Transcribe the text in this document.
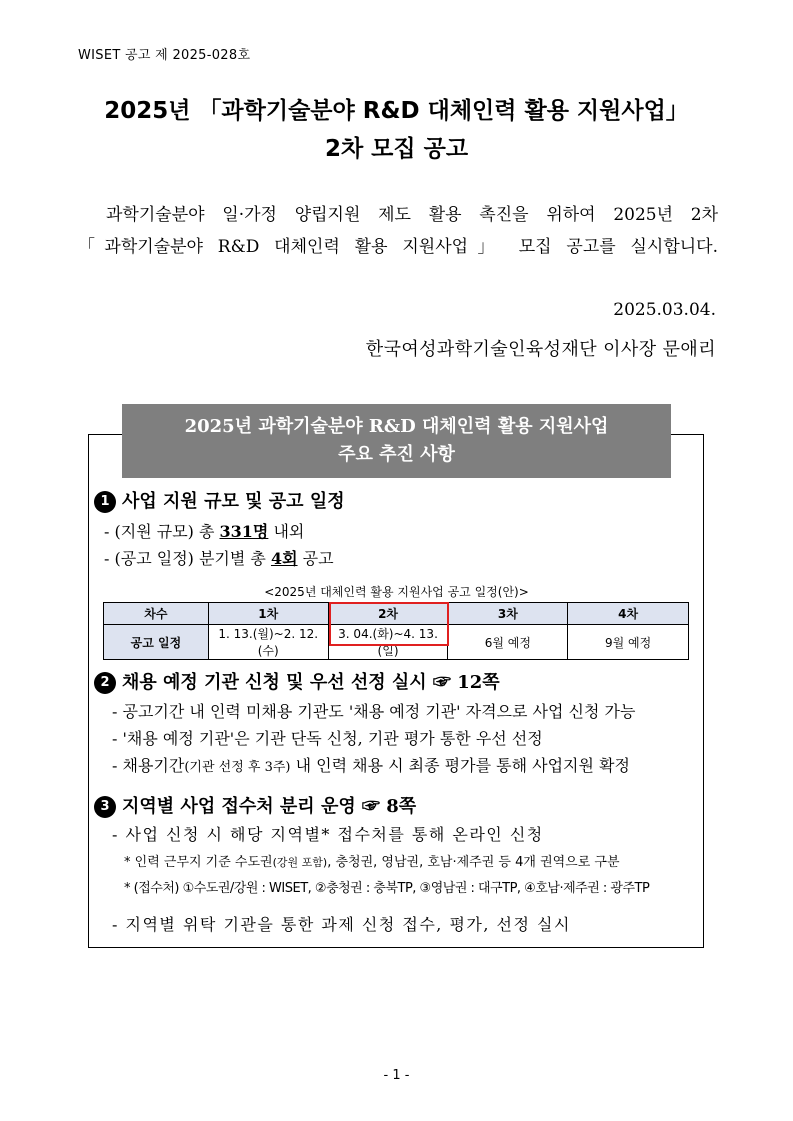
WISET 공고 제 2025-028호
2025년 「과학기술분야 R&D 대체인력 활용 지원사업」
2차 모집 공고
과학기술분야 일·가정 양립지원 제도 활용 촉진을 위하여 2025년 2차
「과학기술분야 R&D 대체인력 활용 지원사업」 모집 공고를 실시합니다.
2025.03.04.
한국여성과학기술인육성재단 이사장 문애리
2025년 과학기술분야 R&D 대체인력 활용 지원사업
주요 추진 사항
1 사업 지원 규모 및 공고 일정
- (지원 규모) 총 331명 내외
- (공고 일정) 분기별 총 4회 공고
<2025년 대체인력 활용 지원사업 공고 일정(안)>
차수	1차	2차	3차	4차
공고 일정	1. 13.(월)~2. 12.(수)	3. 04.(화)~4. 13.(일)	6월 예정	9월 예정
2 채용 예정 기관 신청 및 우선 선정 실시 ☞ 12쪽
- 공고기간 내 인력 미채용 기관도 '채용 예정 기관' 자격으로 사업 신청 가능
- '채용 예정 기관'은 기관 단독 신청, 기관 평가 통한 우선 선정
- 채용기간(기관 선정 후 3주) 내 인력 채용 시 최종 평가를 통해 사업지원 확정
3 지역별 사업 접수처 분리 운영 ☞ 8쪽
- 사업 신청 시 해당 지역별* 접수처를 통해 온라인 신청
* 인력 근무지 기준 수도권(강원 포함), 충청권, 영남권, 호남·제주권 등 4개 권역으로 구분
* (접수처) ①수도권/강원 : WISET, ②충청권 : 충북TP, ③영남권 : 대구TP, ④호남·제주권 : 광주TP
- 지역별 위탁 기관을 통한 과제 신청 접수, 평가, 선정 실시
- 1 -
